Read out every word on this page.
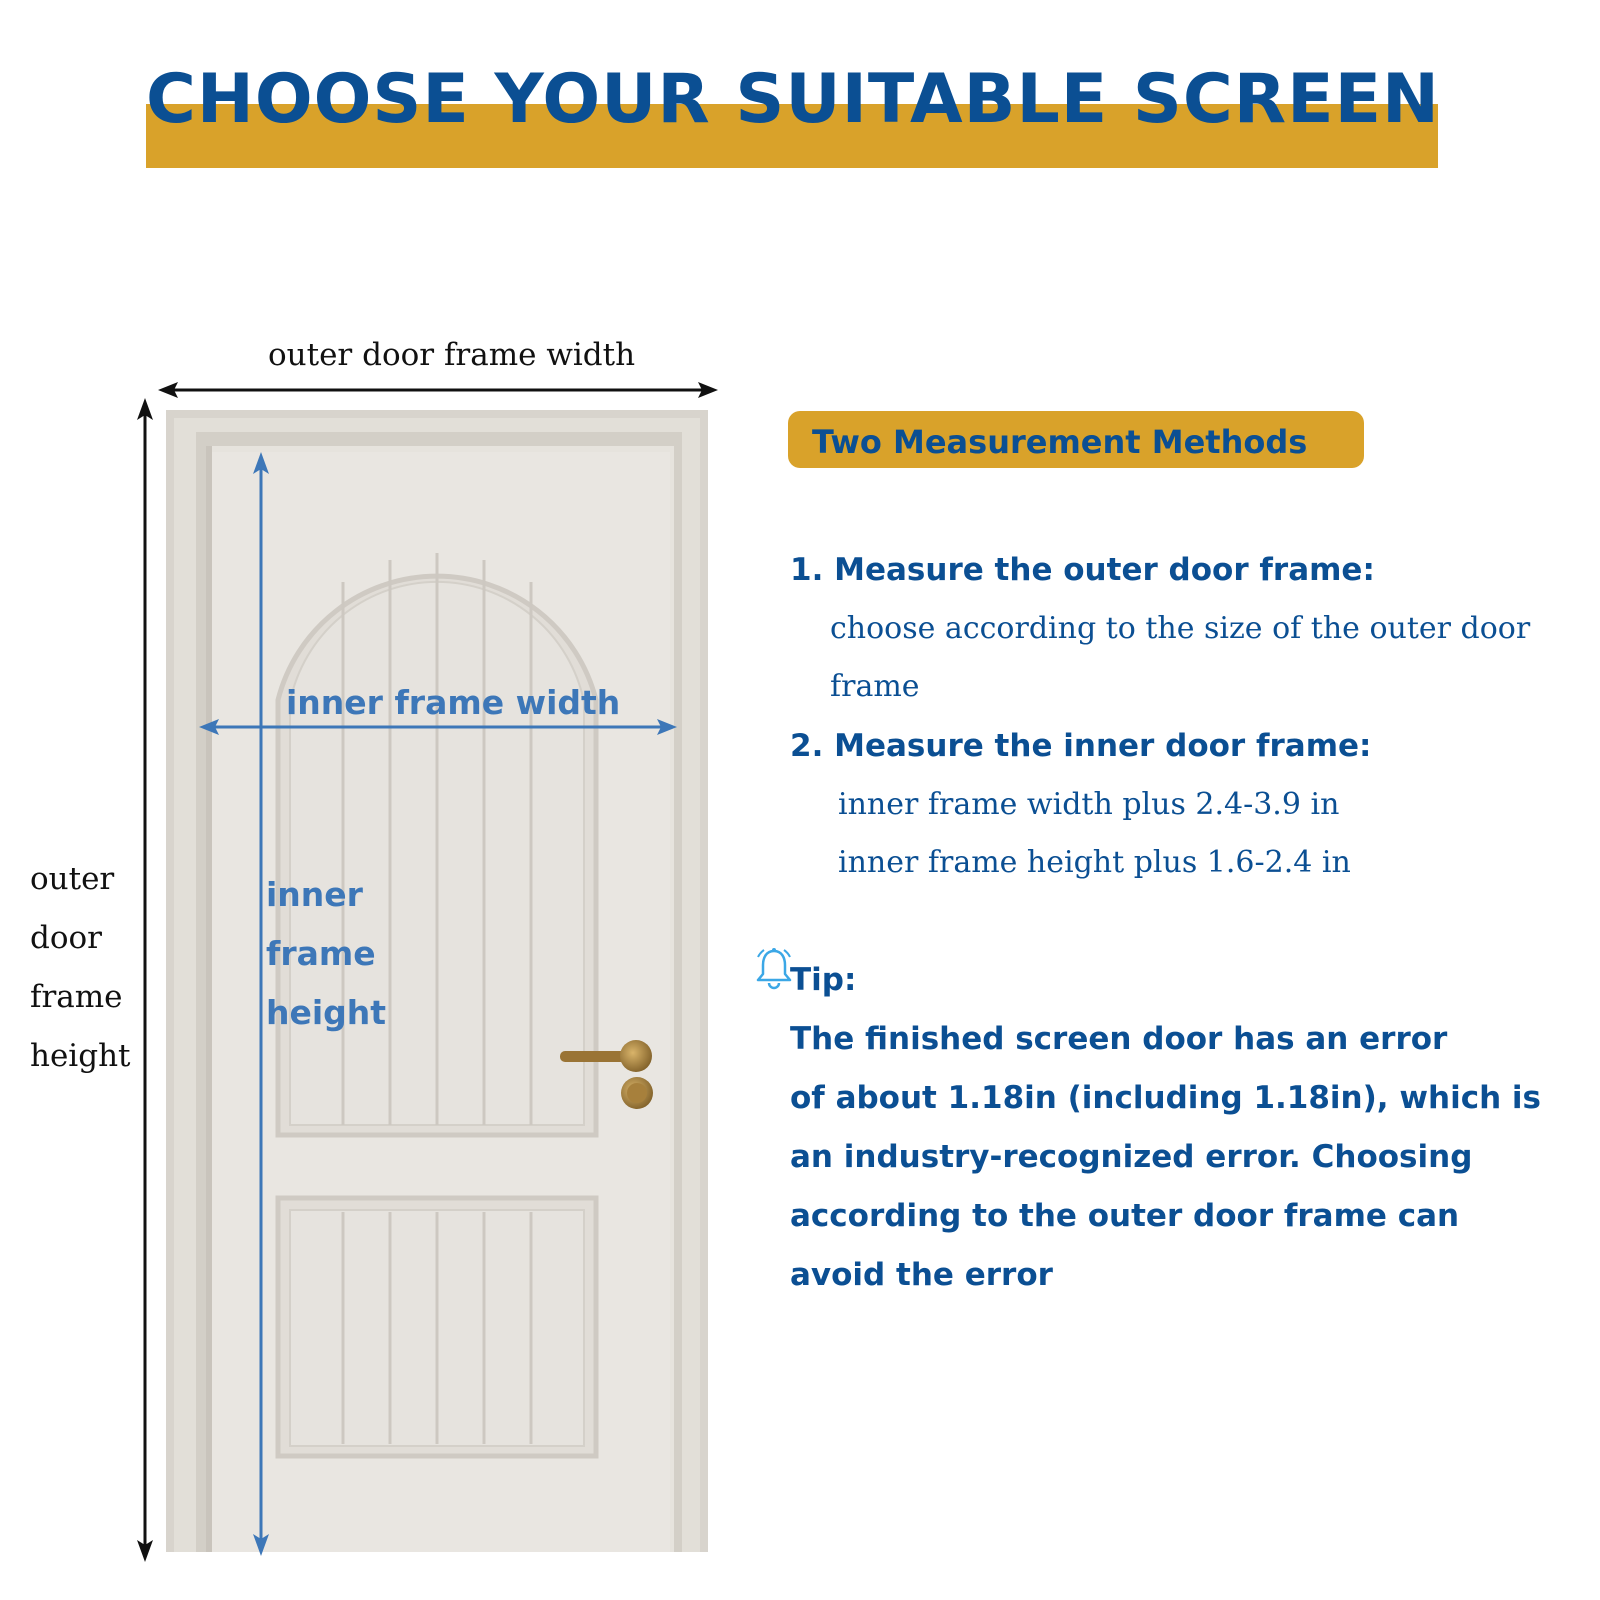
CHOOSE YOUR SUITABLE SCREEN
outer door frame width
outer
door
frame
height
inner frame width
inner
frame
height
Two Measurement Methods
1. Measure the outer door frame:
choose according to the size of the outer door
frame
2. Measure the inner door frame:
inner frame width plus 2.4-3.9 in
inner frame height plus 1.6-2.4 in
Tip:
The finished screen door has an error
of about 1.18in (including 1.18in), which is
an industry-recognized error. Choosing
according to the outer door frame can
avoid the error
